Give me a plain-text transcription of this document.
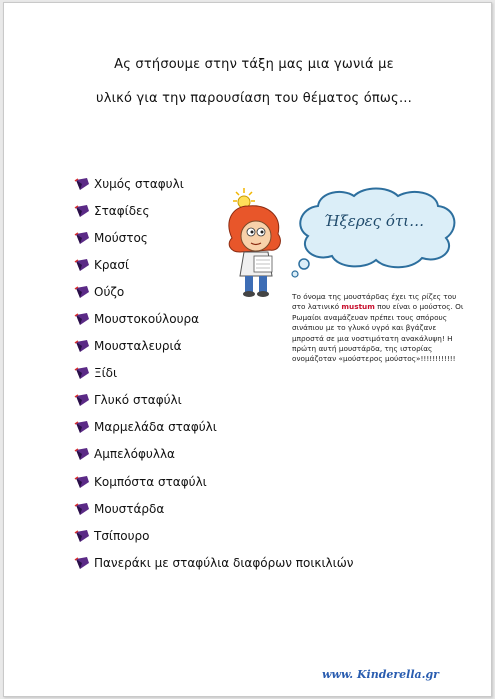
Ας στήσουμε στην τάξη μας μια γωνιά με
υλικό για την παρουσίαση του θέματος όπως…
Χυμός σταφυλι
Σταφίδες
Μούστος
Κρασί
Ούζο
Μουστοκούλουρα
Μουσταλευριά
Ξίδι
Γλυκό σταφύλι
Μαρμελάδα σταφύλι
Αμπελόφυλλα
Κομπόστα σταφύλι
Μουστάρδα
Τσίπουρο
Πανεράκι με σταφύλια διαφόρων ποικιλιών
Ήξερες ότι…
Το όνομα της μουστάρδας έχει τις ρίζες του στο λατινικό mustum που είναι ο μούστος. Οι Ρωμαίοι αναμάζευαν πρέπει τους σπόρους σινάπιου με το γλυκό υγρό και βγάζανε μπροστά σε μια νοστιμότατη ανακάλυψη! Η πρώτη αυτή μουστάρδα, της ιστορίας ονομάζοταν «μούστερος μούστος»!!!!!!!!!!!!
www. Kinderella.gr
